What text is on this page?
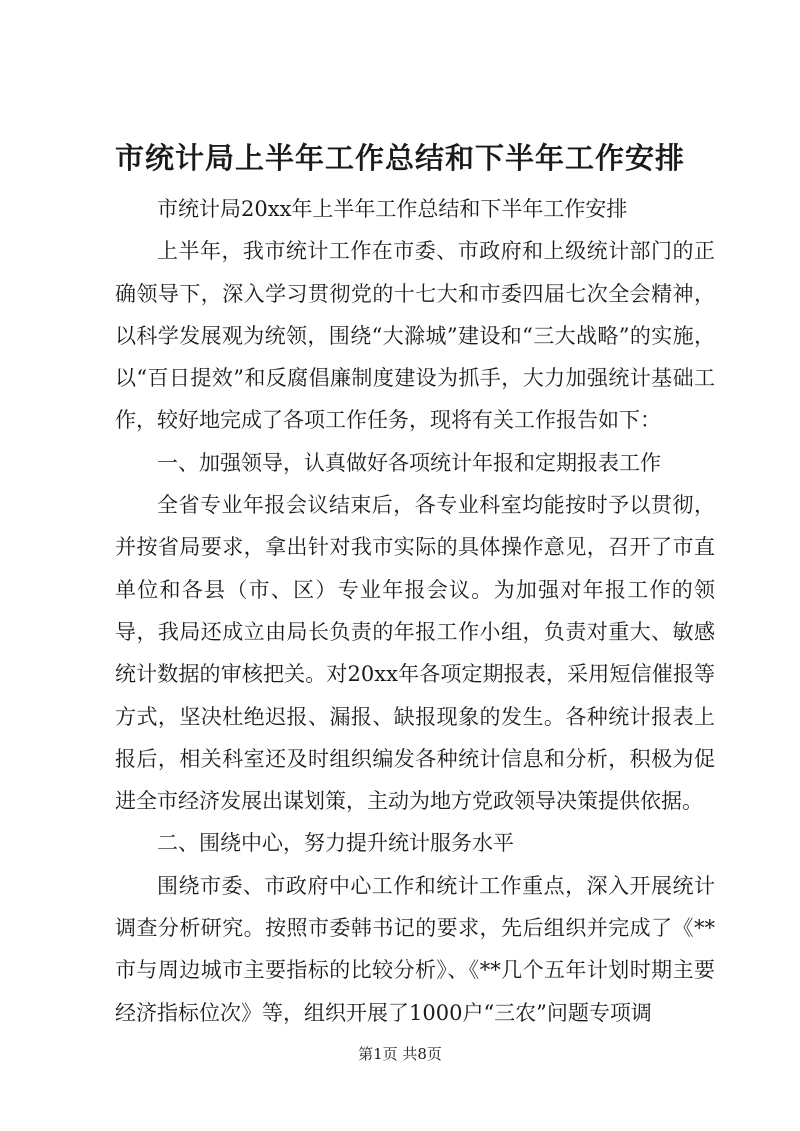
市统计局上半年工作总结和下半年工作安排

市统计局20xx年上半年工作总结和下半年工作安排

上半年，我市统计工作在市委、市政府和上级统计部门的正确领导下，深入学习贯彻党的十七大和市委四届七次全会精神，以科学发展观为统领，围绕“大滁城”建设和“三大战略”的实施，以“百日提效”和反腐倡廉制度建设为抓手，大力加强统计基础工作，较好地完成了各项工作任务，现将有关工作报告如下：

一、加强领导，认真做好各项统计年报和定期报表工作

全省专业年报会议结束后，各专业科室均能按时予以贯彻，并按省局要求，拿出针对我市实际的具体操作意见，召开了市直单位和各县（市、区）专业年报会议。为加强对年报工作的领导，我局还成立由局长负责的年报工作小组，负责对重大、敏感统计数据的审核把关。对20xx年各项定期报表，采用短信催报等方式，坚决杜绝迟报、漏报、缺报现象的发生。各种统计报表上报后，相关科室还及时组织编发各种统计信息和分析，积极为促进全市经济发展出谋划策，主动为地方党政领导决策提供依据。

二、围绕中心，努力提升统计服务水平

围绕市委、市政府中心工作和统计工作重点，深入开展统计调查分析研究。按照市委韩书记的要求，先后组织并完成了《**市与周边城市主要指标的比较分析》、《**几个五年计划时期主要经济指标位次》等，组织开展了1000户“三农”问题专项调

第1页 共8页
